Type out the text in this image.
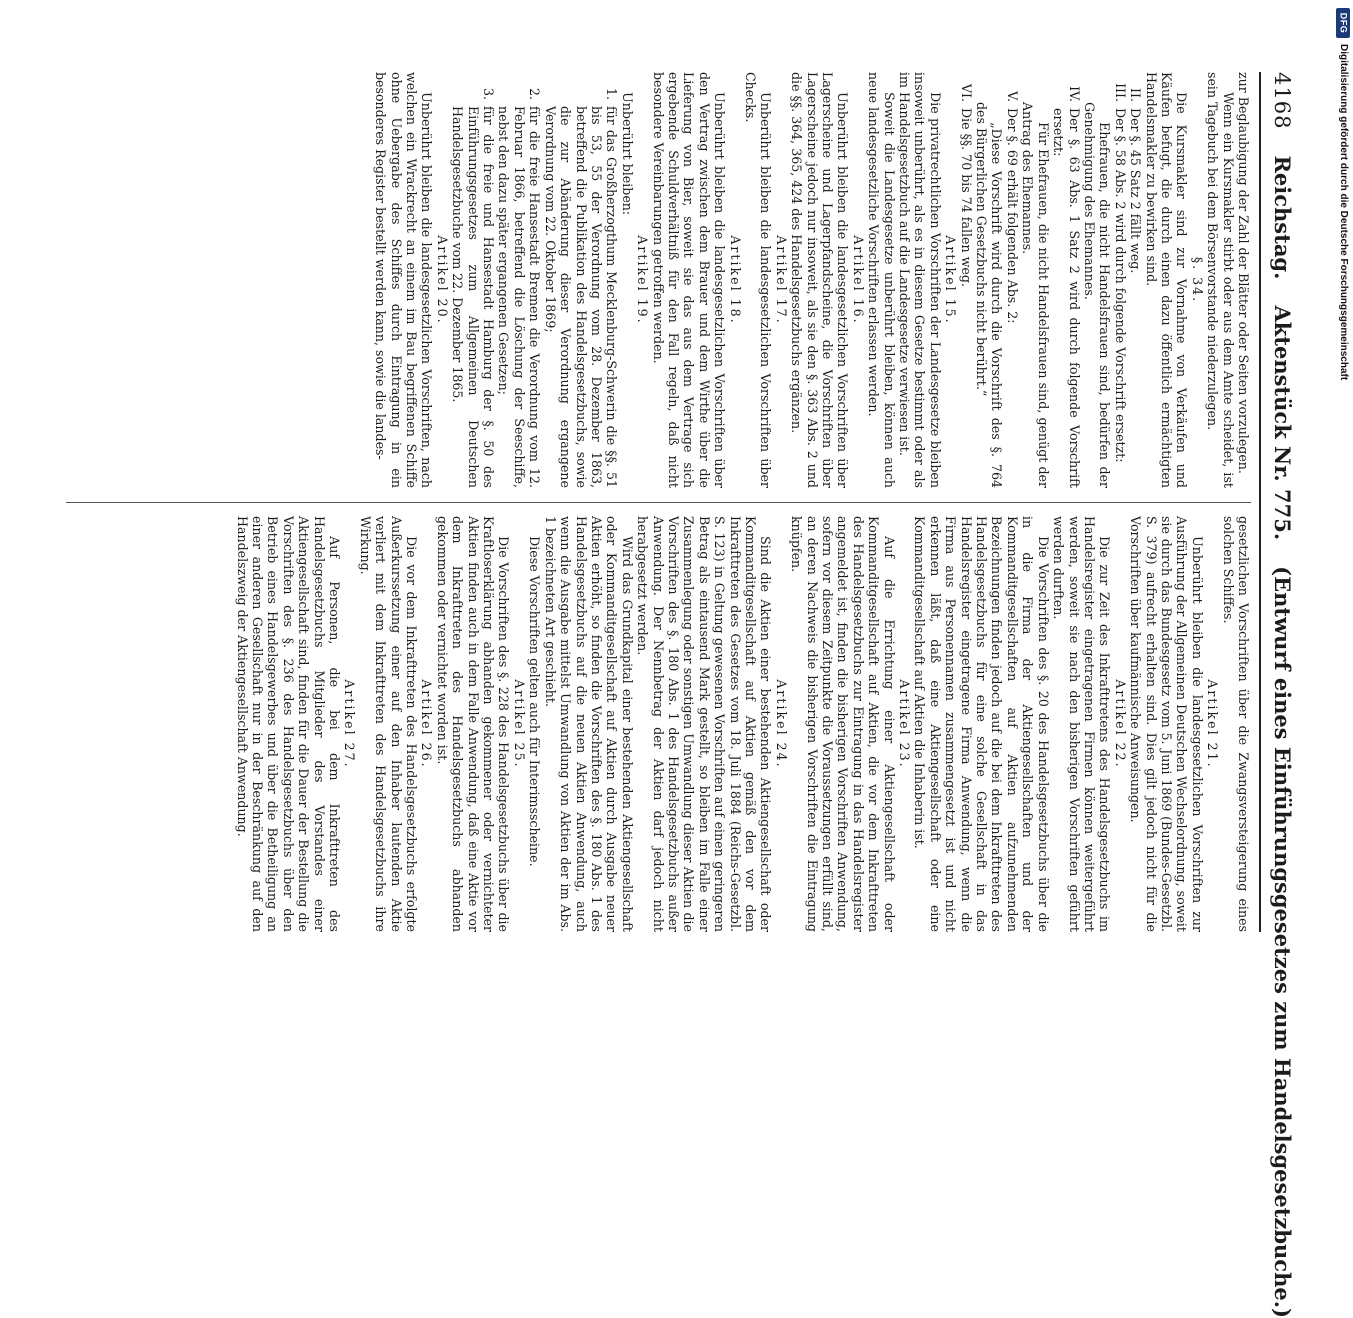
4168
Reichstag.
Aktenstück Nr. 775.
(Entwurf eines Einführungsgesetzes zum Handelsgesetzbuche.)

zur Beglaubigung der Zahl der Blätter oder Seiten vorzulegen.

Wenn ein Kursmakler stirbt oder aus dem Amte scheidet, ist sein Tagebuch bei dem Börsenvorstande niederzulegen.

§. 34.

Die Kursmakler sind zur Vornahme von Verkäufen und Käufen befugt, die durch einen dazu öffentlich ermächtigten Handelsmakler zu bewirken sind.

II.
Der §. 45 Satz 2 fällt weg.
III.
Der §. 58 Abs. 2 wird durch folgende Vorschrift ersetzt:

Ehefrauen, die nicht Handelsfrauen sind, bedürfen der Genehmigung des Ehemannes.

IV.
Der §. 63 Abs. 1 Satz 2 wird durch folgende Vorschrift ersetzt:

Für Ehefrauen, die nicht Handelsfrauen sind, genügt der Antrag des Ehemannes.

V.
Der §. 69 erhält folgenden Abs. 2:

„Diese Vorschrift wird durch die Vorschrift des §. 764 des Bürgerlichen Gesetzbuchs nicht berührt.“

VI.
Die §§. 70 bis 74 fallen weg.

Artikel 15.

Die privatrechtlichen Vorschriften der Landesgesetze bleiben insoweit unberührt, als es in diesem Gesetze bestimmt oder als im Handelsgesetzbuch auf die Landesgesetze verwiesen ist.

Soweit die Landesgesetze unberührt bleiben, können auch neue landesgesetzliche Vorschriften erlassen werden.

Artikel 16.

Unberührt bleiben die landesgesetzlichen Vorschriften über Lagerscheine und Lagerpfandscheine, die Vorschriften über Lagerscheine jedoch nur insoweit, als sie den §. 363 Abs. 2 und die §§. 364, 365, 424 des Handelsgesetzbuchs ergänzen.

Artikel 17.

Unberührt bleiben die landesgesetzlichen Vorschriften über Checks.

Artikel 18.

Unberührt bleiben die landesgesetzlichen Vorschriften über den Vertrag zwischen dem Brauer und dem Wirthe über die Lieferung von Bier, soweit sie das aus dem Vertrage sich ergebende Schuldverhältniß für den Fall regeln, daß nicht besondere Vereinbarungen getroffen werden.

Artikel 19.

Unberührt bleiben:

1.
für das Großherzogthum Mecklenburg-Schwerin die §§. 51 bis 53, 55 der Verordnung vom 28. Dezember 1863, betreffend die Publikation des Handelsgesetzbuchs, sowie die zur Abänderung dieser Verordnung ergangene Verordnung vom 22. Oktober 1869;
2.
für die freie Hansestadt Bremen die Verordnung vom 12. Februar 1866, betreffend die Löschung der Seeschiffe, nebst den dazu später ergangenen Gesetzen;
3.
für die freie und Hansestadt Hamburg der §. 50 des Einführungsgesetzes zum Allgemeinen Deutschen Handelsgesetzbuche vom 22. Dezember 1865.

Artikel 20.

Unberührt bleiben die landesgesetzlichen Vorschriften, nach welchen ein Wrackrecht an einem im Bau begriffenen Schiffe ohne Uebergabe des Schiffes durch Eintragung in ein besonderes Register bestellt werden kann, sowie die landes-

gesetzlichen Vorschriften über die Zwangsversteigerung eines solchen Schiffes.

Artikel 21.

Unberührt bleiben die landesgesetzlichen Vorschriften zur Ausführung der Allgemeinen Deutschen Wechselordnung, soweit sie durch das Bundesgesetz vom 5. Juni 1869 (Bundes-Gesetzbl. S. 379) aufrecht erhalten sind. Dies gilt jedoch nicht für die Vorschriften über kaufmännische Anweisungen.

Artikel 22.

Die zur Zeit des Inkrafttretens des Handelsgesetzbuchs im Handelsregister eingetragenen Firmen können weitergeführt werden, soweit sie nach den bisherigen Vorschriften geführt werden durften.

Die Vorschriften des §. 20 des Handelsgesetzbuchs über die in die Firma der Aktiengesellschaften und der Kommanditgesellschaften auf Aktien aufzunehmenden Bezeichnungen finden jedoch auf die bei dem Inkrafttreten des Handelsgesetzbuchs für eine solche Gesellschaft in das Handelsregister eingetragene Firma Anwendung, wenn die Firma aus Personennamen zusammengesetzt ist und nicht erkennen läßt, daß eine Aktiengesellschaft oder eine Kommanditgesellschaft auf Aktien die Inhaberin ist.

Artikel 23.

Auf die Errichtung einer Aktiengesellschaft oder Kommanditgesellschaft auf Aktien, die vor dem Inkrafttreten des Handelsgesetzbuchs zur Eintragung in das Handelsregister angemeldet ist, finden die bisherigen Vorschriften Anwendung, sofern vor diesem Zeitpunkte die Voraussetzungen erfüllt sind, an deren Nachweis die bisherigen Vorschriften die Eintragung knüpfen.

Artikel 24.

Sind die Aktien einer bestehenden Aktiengesellschaft oder Kommanditgesellschaft auf Aktien gemäß den vor dem Inkrafttreten des Gesetzes vom 18. Juli 1884 (Reichs-Gesetzbl. S. 123) in Geltung gewesenen Vorschriften auf einen geringeren Betrag als eintausend Mark gestellt, so bleiben im Falle einer Zusammenlegung oder sonstigen Umwandlung dieser Aktien die Vorschriften des §. 180 Abs. 1 des Handelsgesetzbuchs außer Anwendung. Der Nennbetrag der Aktien darf jedoch nicht herabgesetzt werden.

Wird das Grundkapital einer bestehenden Aktiengesellschaft oder Kommanditgesellschaft auf Aktien durch Ausgabe neuer Aktien erhöht, so finden die Vorschriften des §. 180 Abs. 1 des Handelsgesetzbuchs auf die neuen Aktien Anwendung, auch wenn die Ausgabe mittelst Umwandlung von Aktien der im Abs. 1 bezeichneten Art geschieht.

Diese Vorschriften gelten auch für Interimsscheine.

Artikel 25.

Die Vorschriften des §. 228 des Handelsgesetzbuchs über die Kraftloserklärung abhanden gekommener oder vernichteter Aktien finden auch in dem Falle Anwendung, daß eine Aktie vor dem Inkrafttreten des Handelsgesetzbuchs abhanden gekommen oder vernichtet worden ist.

Artikel 26.

Die vor dem Inkrafttreten des Handelsgesetzbuchs erfolgte Außerkurssetzung einer auf den Inhaber lautenden Aktie verliert mit dem Inkrafttreten des Handelsgesetzbuchs ihre Wirkung.

Artikel 27.

Auf Personen, die bei dem Inkrafttreten des Handelsgesetzbuchs Mitglieder des Vorstandes einer Aktiengesellschaft sind, finden für die Dauer der Bestellung die Vorschriften des §. 236 des Handelsgesetzbuchs über den Betrieb eines Handelsgewerbes und über die Betheiligung an einer anderen Gesellschaft nur in der Beschränkung auf den Handelszweig der Aktiengesellschaft Anwendung.

DFG
Digitalisierung gefördert durch die Deutsche Forschungsgemeinschaft
